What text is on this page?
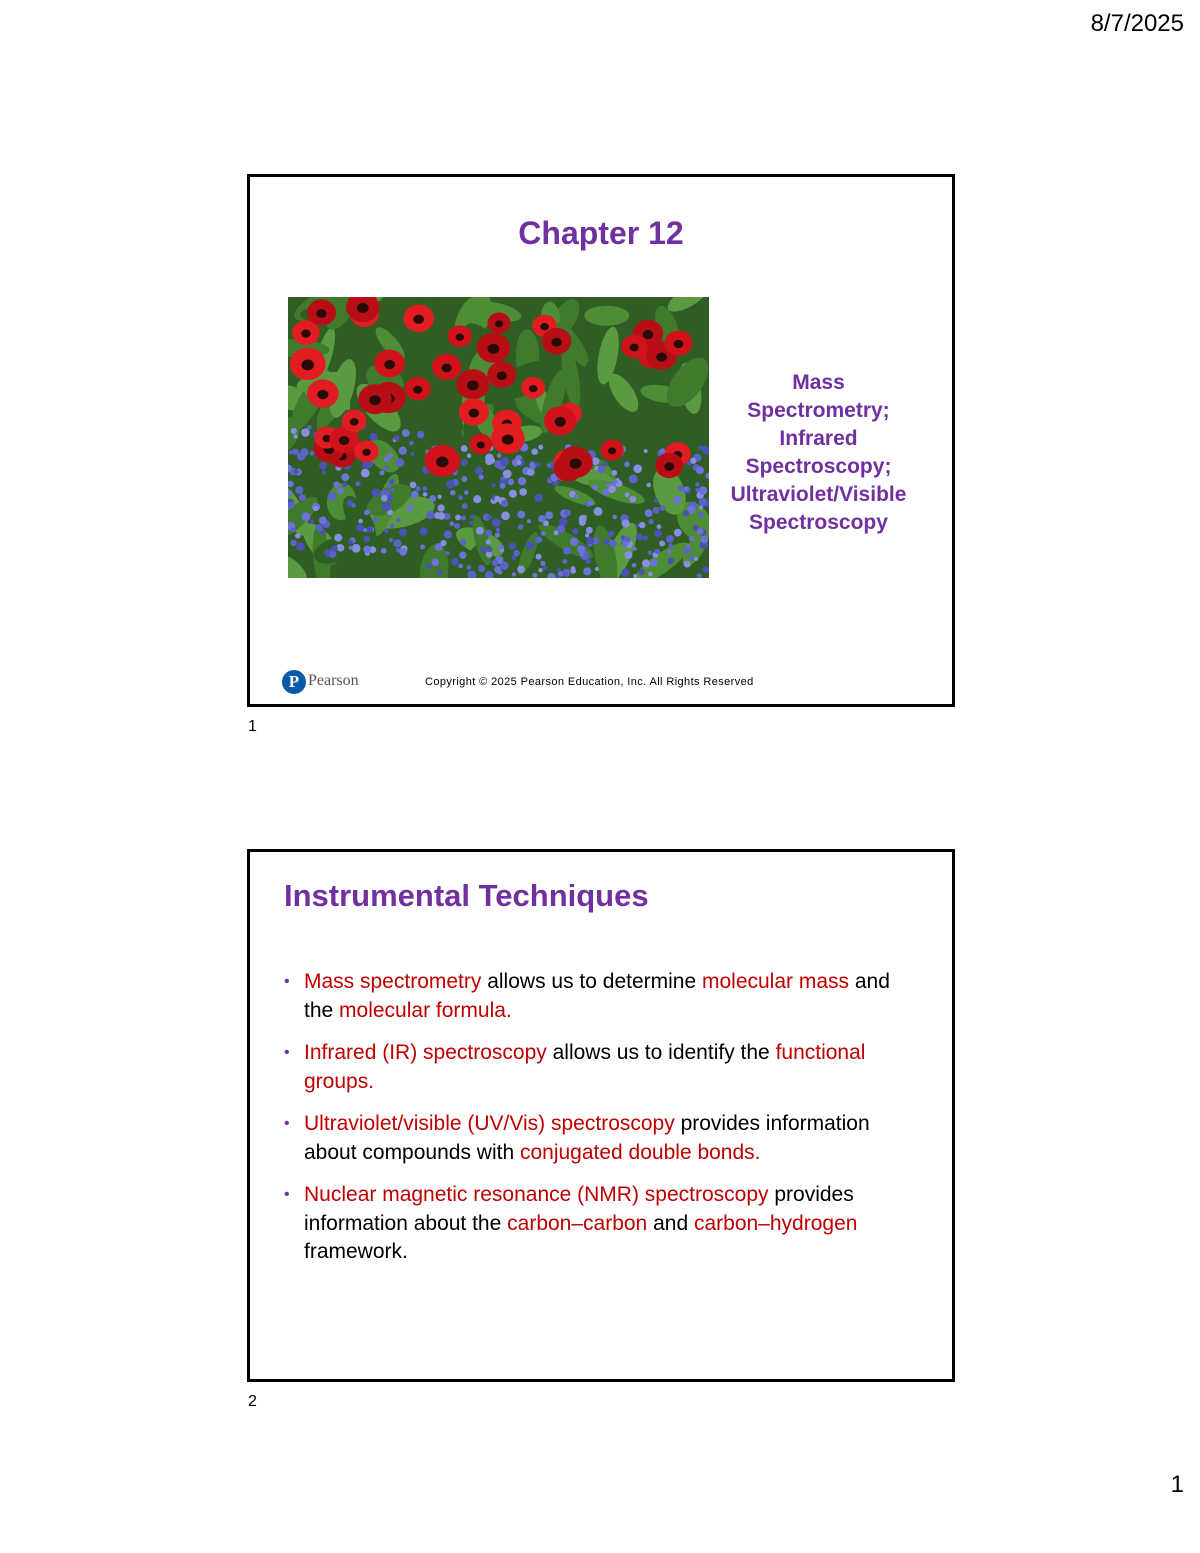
8/7/2025
Chapter 12
Mass
Spectrometry;
Infrared
Spectroscopy;
Ultraviolet/Visible
Spectroscopy
P Pearson	Copyright © 2025 Pearson Education, Inc. All Rights Reserved
1
Instrumental Techniques
• Mass spectrometry allows us to determine molecular mass and the molecular formula.
• Infrared (IR) spectroscopy allows us to identify the functional groups.
• Ultraviolet/visible (UV/Vis) spectroscopy provides information about compounds with conjugated double bonds.
• Nuclear magnetic resonance (NMR) spectroscopy provides information about the carbon–carbon and carbon–hydrogen framework.
2
1
